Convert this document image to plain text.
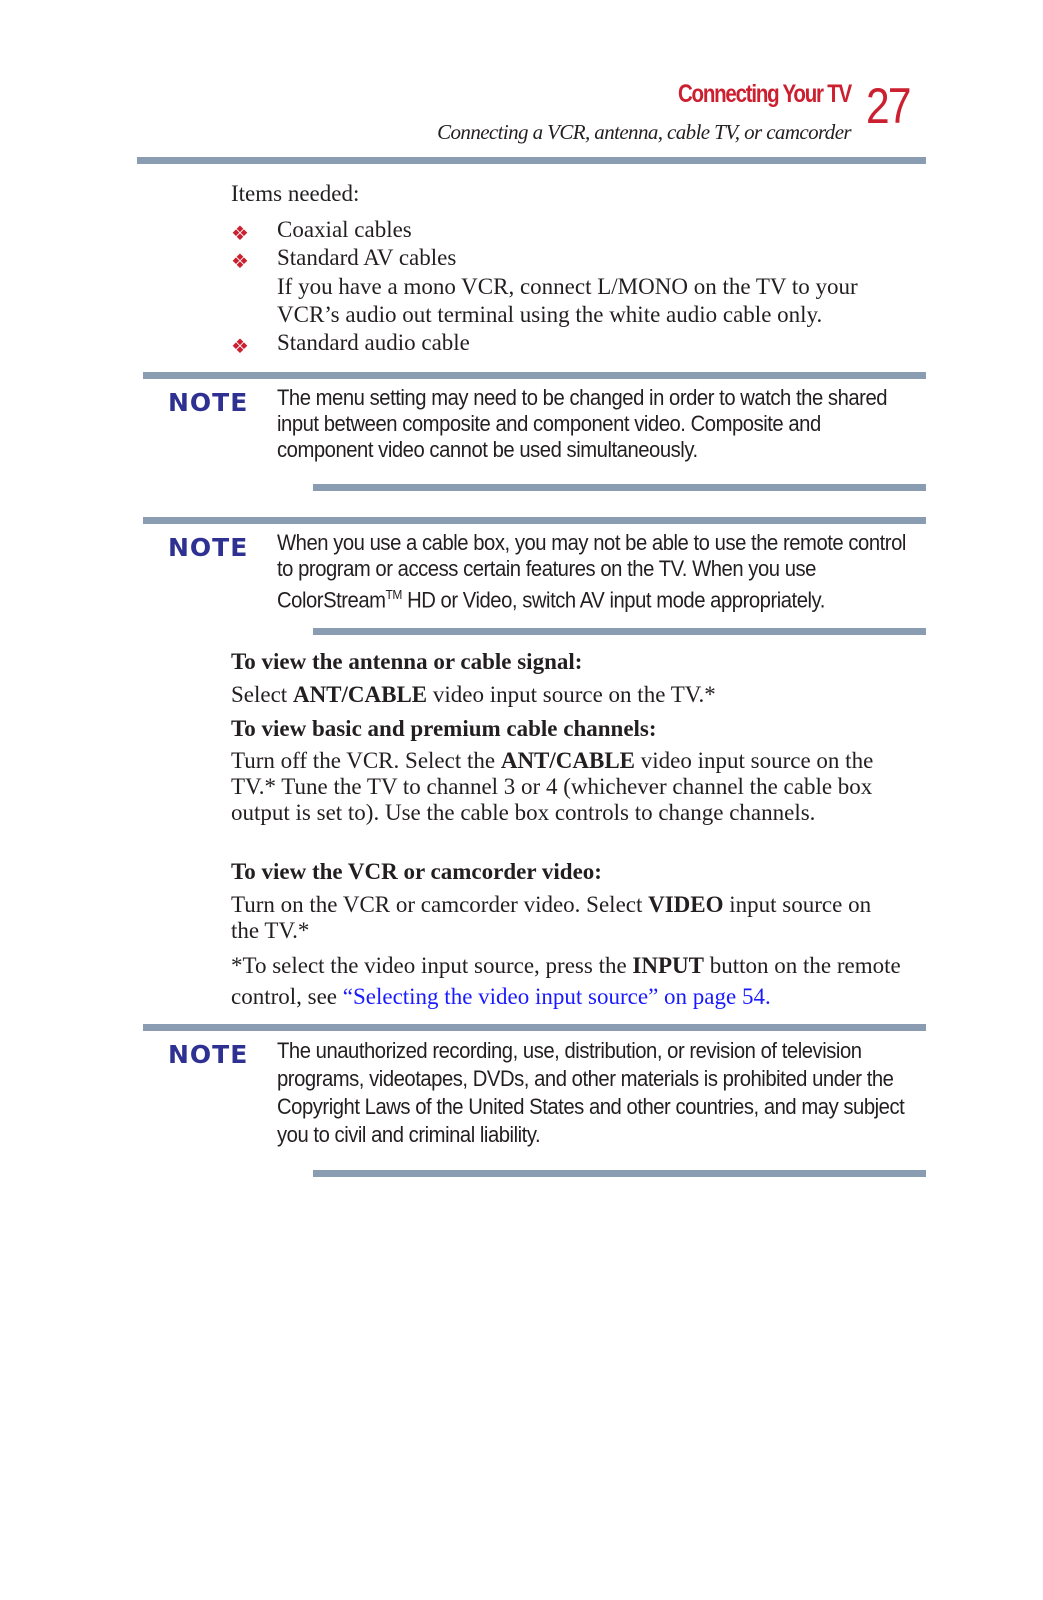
Connecting Your TV 27
Connecting a VCR, antenna, cable TV, or camcorder
Items needed:
❖ Coaxial cables
❖ Standard AV cables
If you have a mono VCR, connect L/MONO on the TV to your
VCR’s audio out terminal using the white audio cable only.
❖ Standard audio cable
NOTE The menu setting may need to be changed in order to watch the shared input between composite and component video. Composite and component video cannot be used simultaneously.
NOTE When you use a cable box, you may not be able to use the remote control to program or access certain features on the TV. When you use ColorStream™ HD or Video, switch AV input mode appropriately.
To view the antenna or cable signal:
Select ANT/CABLE video input source on the TV.*
To view basic and premium cable channels:
Turn off the VCR. Select the ANT/CABLE video input source on the TV.* Tune the TV to channel 3 or 4 (whichever channel the cable box output is set to). Use the cable box controls to change channels.
To view the VCR or camcorder video:
Turn on the VCR or camcorder video. Select VIDEO input source on the TV.*
*To select the video input source, press the INPUT button on the remote control, see “Selecting the video input source” on page 54.
NOTE The unauthorized recording, use, distribution, or revision of television programs, videotapes, DVDs, and other materials is prohibited under the Copyright Laws of the United States and other countries, and may subject you to civil and criminal liability.
